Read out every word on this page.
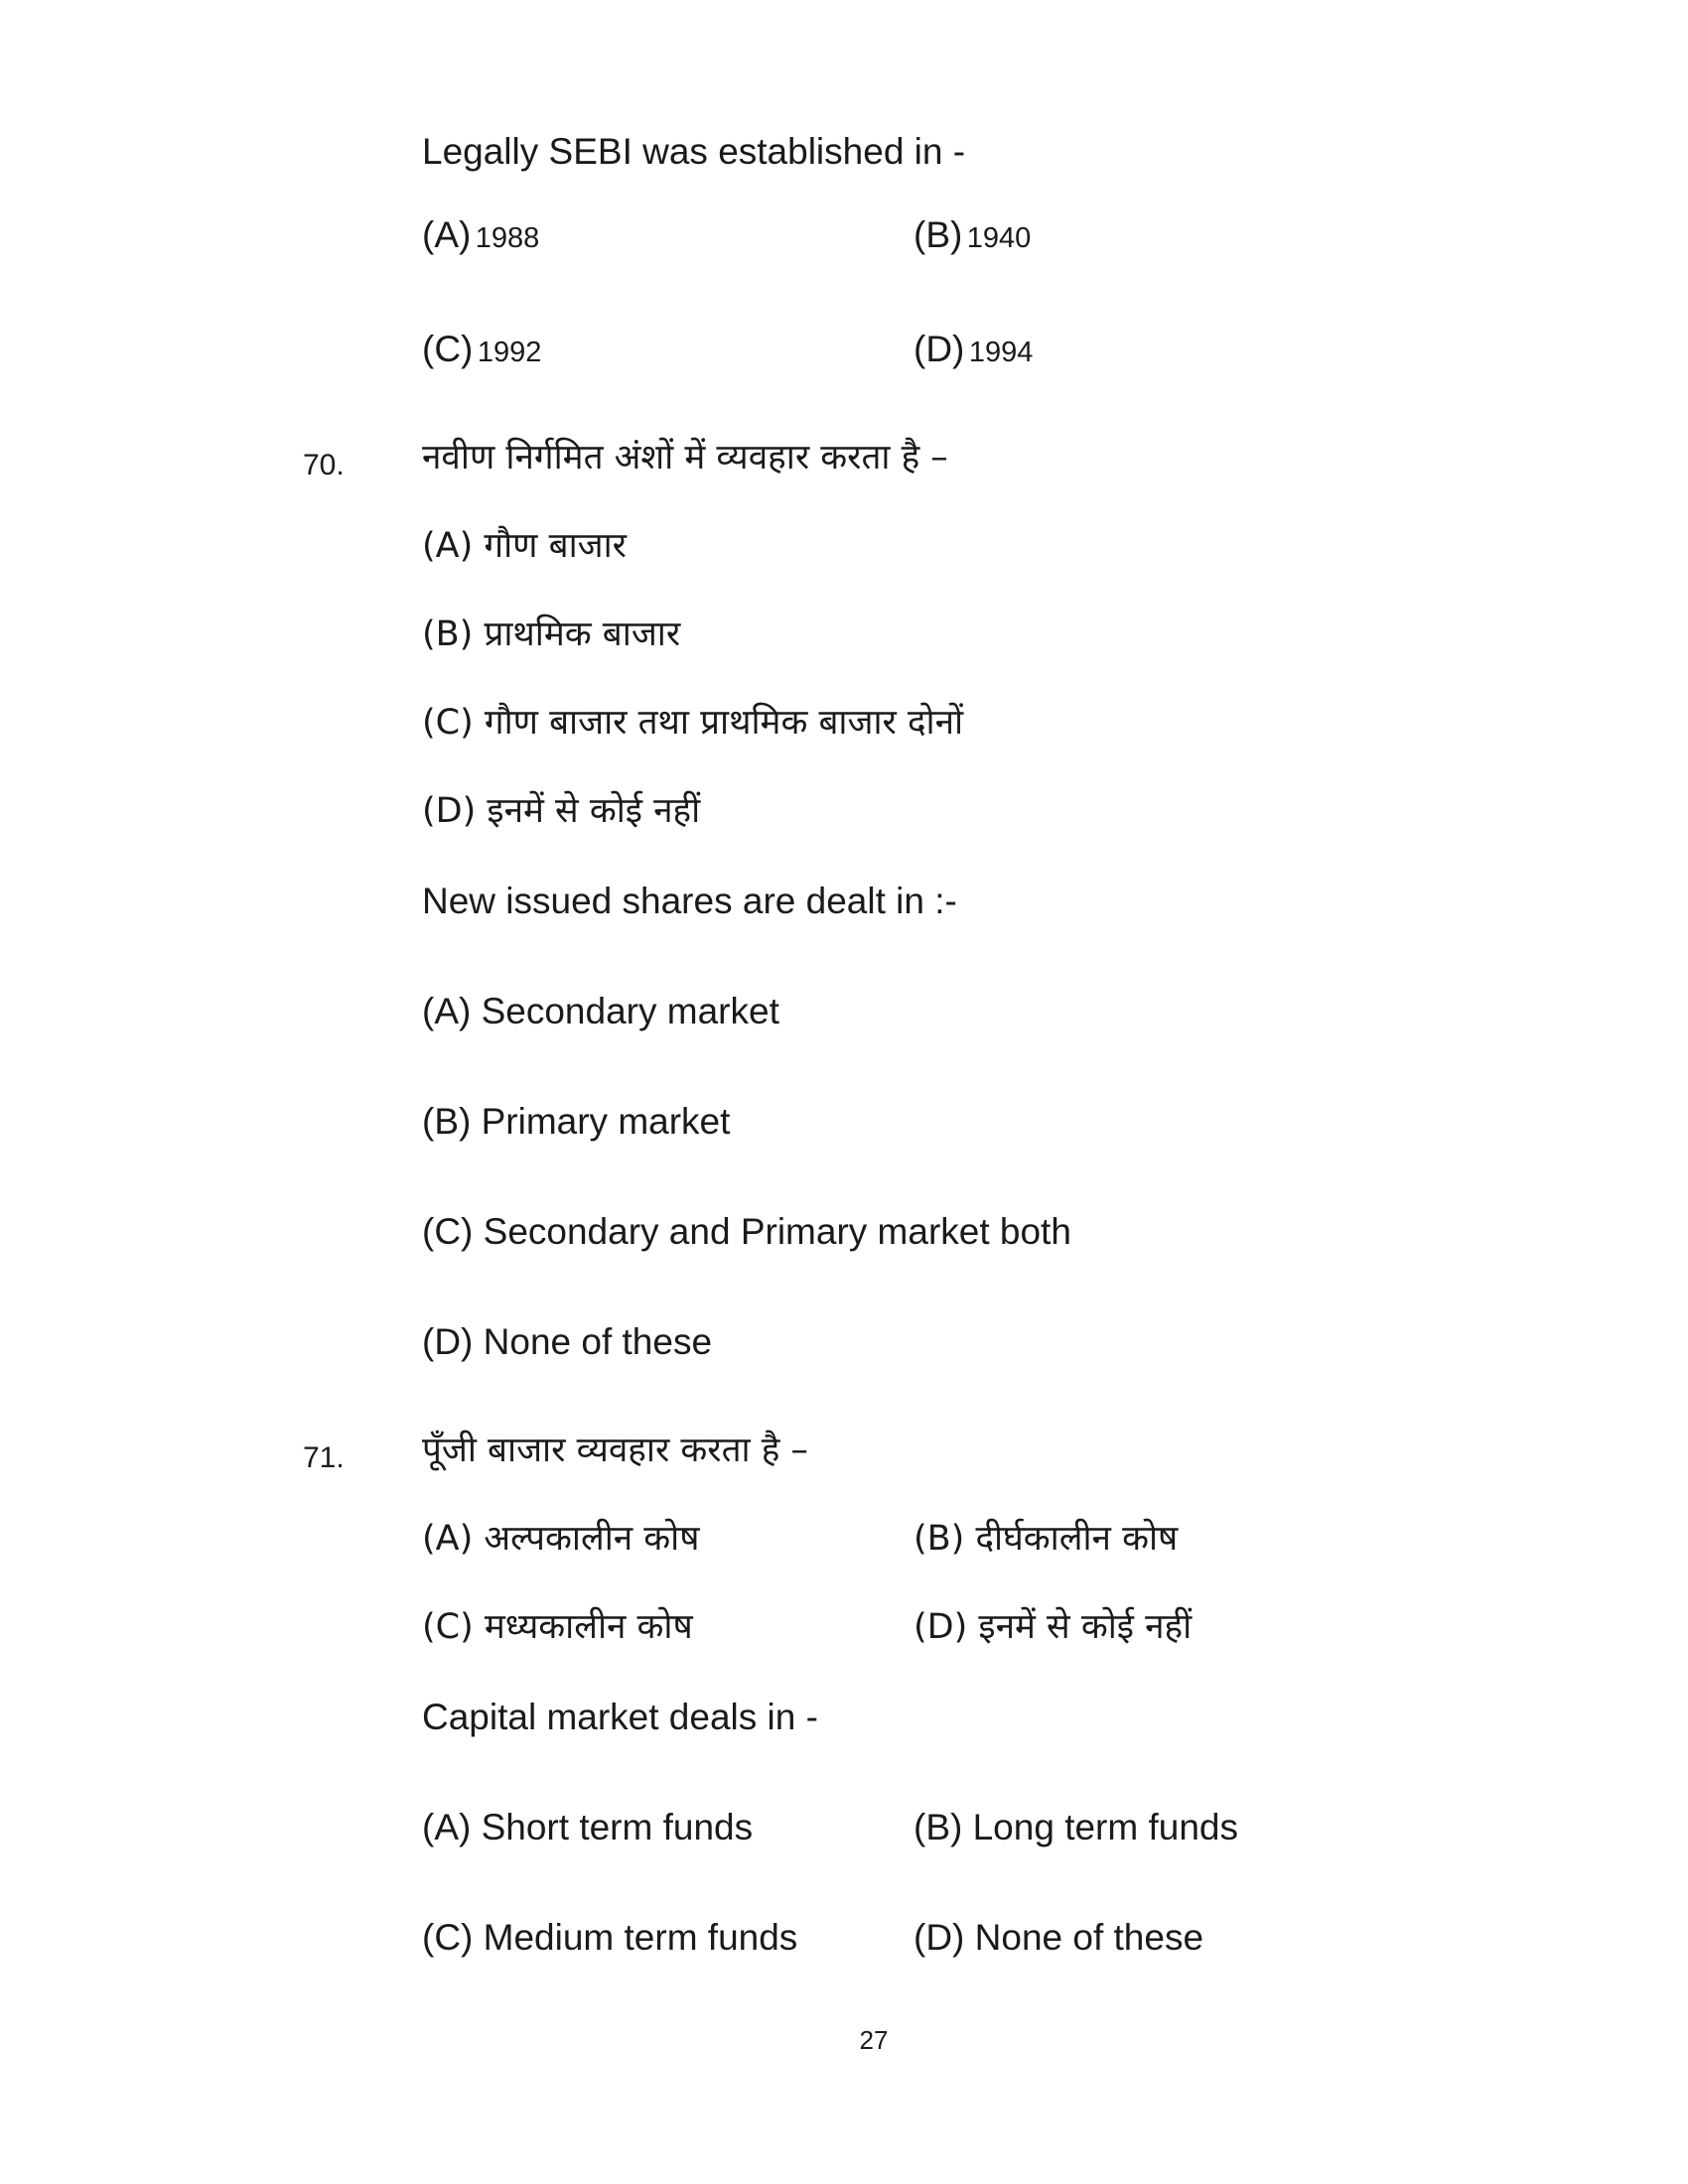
Legally SEBI was established in -
(A) 1988	(B) 1940
(C) 1992	(D) 1994
70. नवीण निर्गमित अंशों में व्यवहार करता है –
(A) गौण बाजार
(B) प्राथमिक बाजार
(C) गौण बाजार तथा प्राथमिक बाजार दोनों
(D) इनमें से कोई नहीं
New issued shares are dealt in :-
(A) Secondary market
(B) Primary market
(C) Secondary and Primary market both
(D) None of these
71. पूँजी बाजार व्यवहार करता है –
(A) अल्पकालीन कोष	(B) दीर्घकालीन कोष
(C) मध्यकालीन कोष	(D) इनमें से कोई नहीं
Capital market deals in -
(A) Short term funds	(B) Long term funds
(C) Medium term funds	(D) None of these
27
